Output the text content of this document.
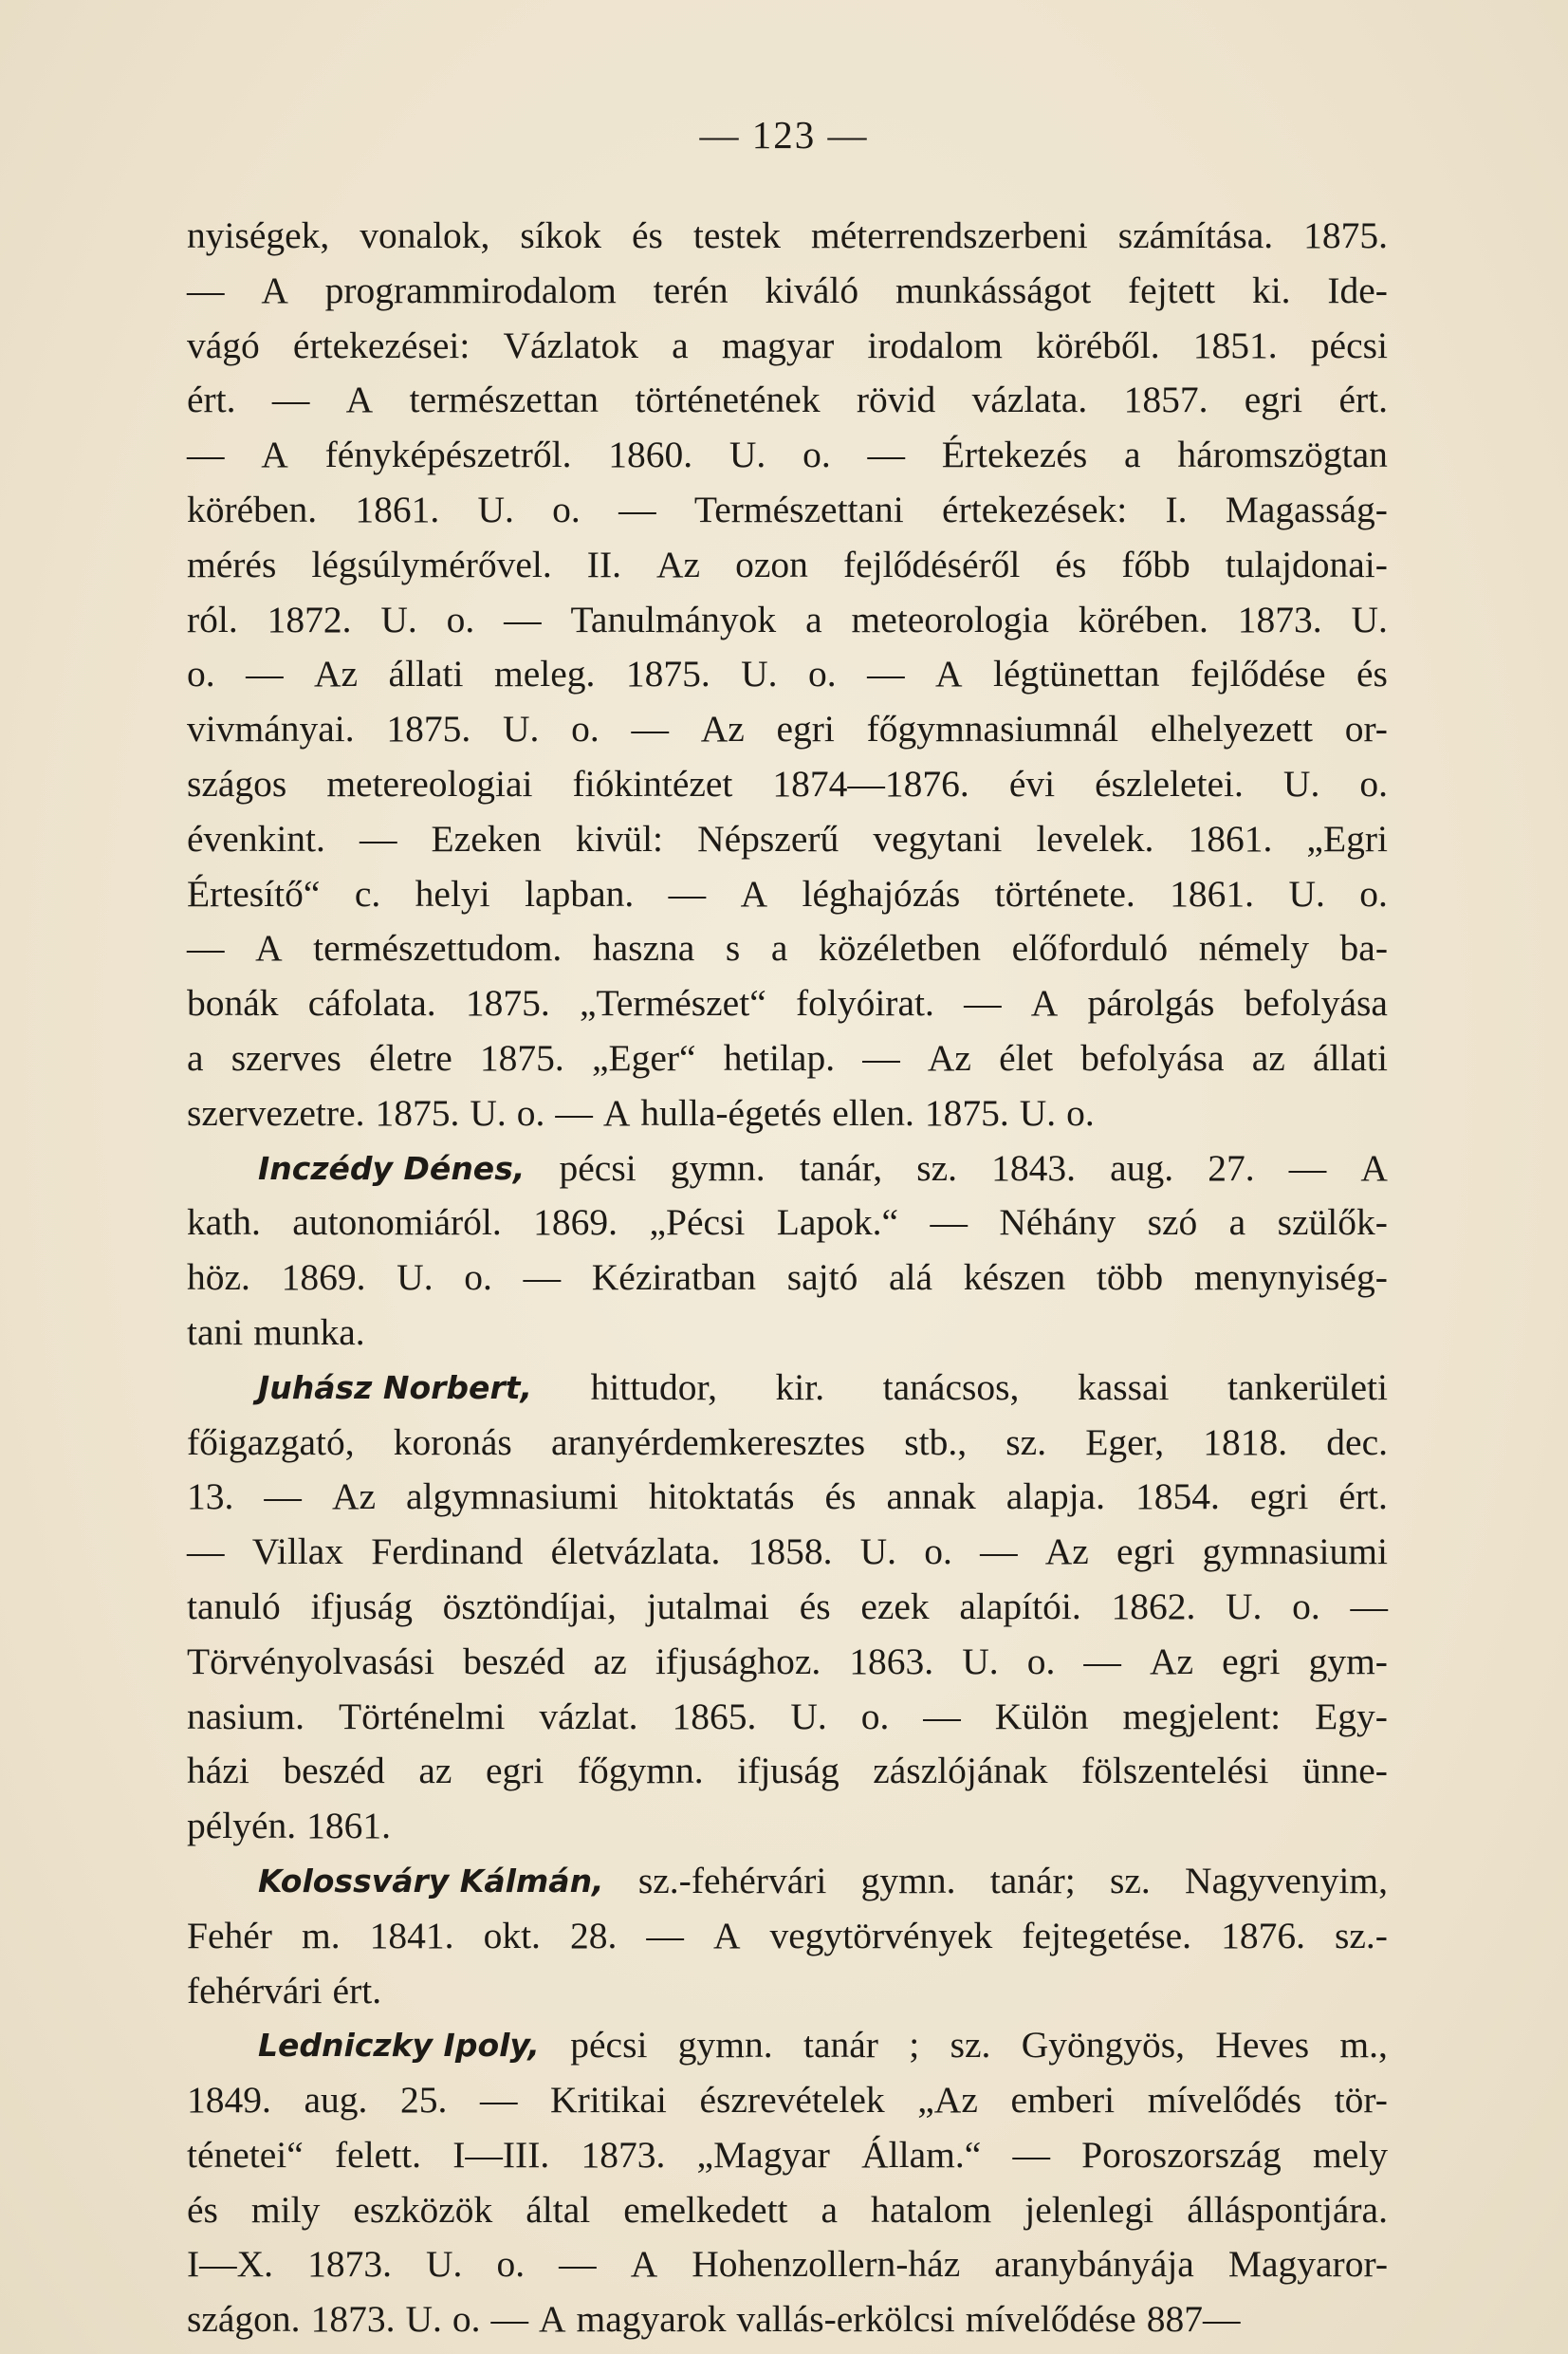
— 123 —
nyiségek, vonalok, síkok és testek méterrendszerbeni számítása. 1875.
— A programmirodalom terén kiváló munkásságot fejtett ki. Ide-
vágó értekezései: Vázlatok a magyar irodalom köréből. 1851. pécsi
ért. — A természettan történetének rövid vázlata. 1857. egri ért.
— A fényképészetről. 1860. U. o. — Értekezés a háromszögtan
körében. 1861. U. o. — Természettani értekezések: I. Magasság-
mérés légsúlymérővel. II. Az ozon fejlődéséről és főbb tulajdonai-
ról. 1872. U. o. — Tanulmányok a meteorologia körében. 1873. U.
o. — Az állati meleg. 1875. U. o. — A légtünettan fejlődése és
vivmányai. 1875. U. o. — Az egri főgymnasiumnál elhelyezett or-
szágos metereologiai fiókintézet 1874—1876. évi észleletei. U. o.
évenkint. — Ezeken kivül: Népszerű vegytani levelek. 1861. „Egri
Értesítő“ c. helyi lapban. — A léghajózás története. 1861. U. o.
— A természettudom. haszna s a közéletben előforduló némely ba-
bonák cáfolata. 1875. „Természet“ folyóirat. — A párolgás befolyása
a szerves életre 1875. „Eger“ hetilap. — Az élet befolyása az állati
szervezetre. 1875. U. o. — A hulla-égetés ellen. 1875. U. o.
Inczédy Dénes, pécsi gymn. tanár, sz. 1843. aug. 27. — A
kath. autonomiáról. 1869. „Pécsi Lapok.“ — Néhány szó a szülők-
höz. 1869. U. o. — Kéziratban sajtó alá készen több menynyiség-
tani munka.
Juhász Norbert, hittudor, kir. tanácsos, kassai tankerületi
főigazgató, koronás aranyérdemkeresztes stb., sz. Eger, 1818. dec.
13. — Az algymnasiumi hitoktatás és annak alapja. 1854. egri ért.
— Villax Ferdinand életvázlata. 1858. U. o. — Az egri gymnasiumi
tanuló ifjuság ösztöndíjai, jutalmai és ezek alapítói. 1862. U. o. —
Törvényolvasási beszéd az ifjusághoz. 1863. U. o. — Az egri gym-
nasium. Történelmi vázlat. 1865. U. o. — Külön megjelent: Egy-
házi beszéd az egri főgymn. ifjuság zászlójának fölszentelési ünne-
pélyén. 1861.
Kolossváry Kálmán, sz.-fehérvári gymn. tanár; sz. Nagyvenyim,
Fehér m. 1841. okt. 28. — A vegytörvények fejtegetése. 1876. sz.-
fehérvári ért.
Ledniczky Ipoly, pécsi gymn. tanár ; sz. Gyöngyös, Heves m.,
1849. aug. 25. — Kritikai észrevételek „Az emberi mívelődés tör-
ténetei“ felett. I—III. 1873. „Magyar Állam.“ — Poroszország mely
és mily eszközök által emelkedett a hatalom jelenlegi álláspontjára.
I—X. 1873. U. o. — A Hohenzollern-ház aranybányája Magyaror-
szágon. 1873. U. o. — A magyarok vallás-erkölcsi mívelődése 887—
